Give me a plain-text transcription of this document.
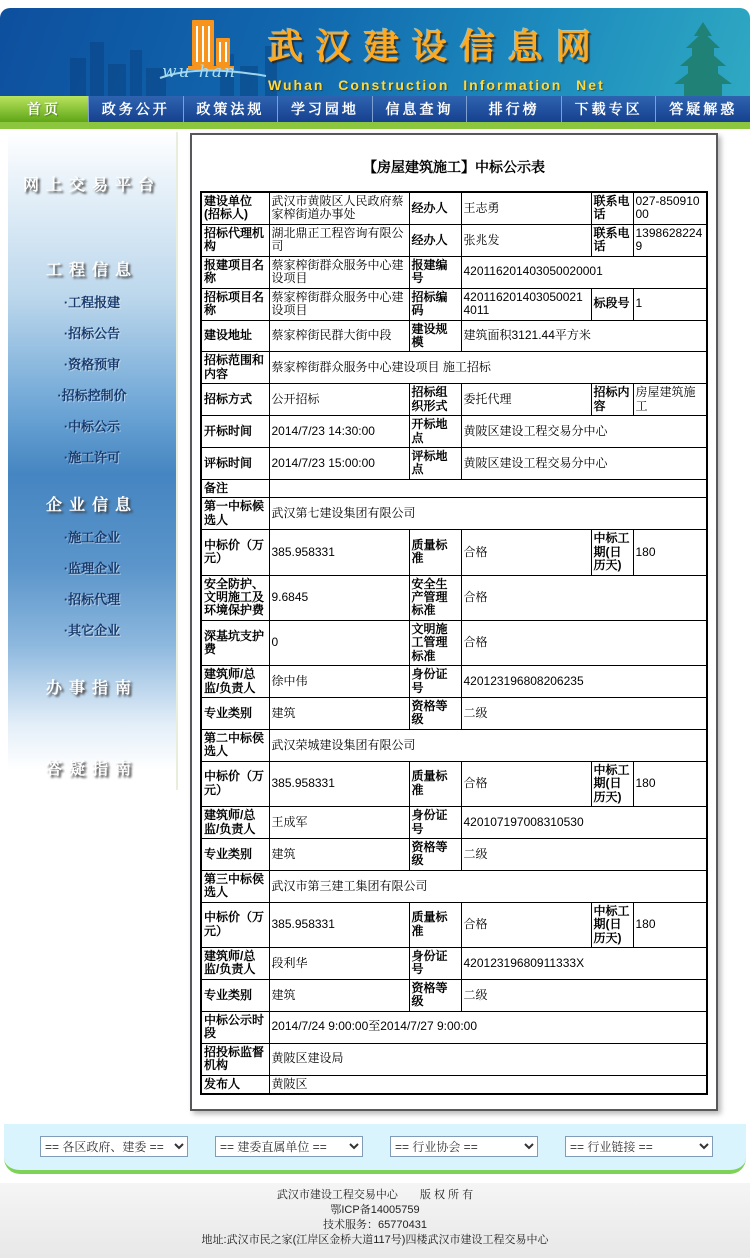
wu han
武汉建设信息网
Wuhan Construction Information Net
首页	政务公开	政策法规	学习园地	信息查询	排行榜	下载专区	答疑解惑
网上交易平台
工程信息
·工程报建
·招标公告
·资格预审
·招标控制价
·中标公示
·施工许可
企业信息
·施工企业
·监理企业
·招标代理
·其它企业
办事指南
答疑指南
【房屋建筑施工】中标公示表
建设单位(招标人)	武汉市黄陂区人民政府蔡家榨街道办事处	经办人	王志勇	联系电话	027-85091000
招标代理机构	湖北鼎正工程咨询有限公司	经办人	张兆发	联系电话	13986282249
报建项目名称	蔡家榨街群众服务中心建设项目	报建编号	420116201403050020001		
招标项目名称	蔡家榨街群众服务中心建设项目	招标编码	4201162014030500214011	标段号	1
建设地址	蔡家榨街民群大街中段	建设规模	建筑面积3121.44平方米		
招标范围和内容	蔡家榨街群众服务中心建设项目 施工招标				
招标方式	公开招标	招标组织形式	委托代理	招标内容	房屋建筑施工
开标时间	2014/7/23 14:30:00	开标地点	黄陂区建设工程交易分中心		
评标时间	2014/7/23 15:00:00	评标地点	黄陂区建设工程交易分中心		
备注					
第一中标候选人	武汉第七建设集团有限公司				
中标价（万元）	385.958331	质量标准	合格	中标工期(日历天)	180
安全防护、文明施工及环境保护费	9.6845	安全生产管理标准	合格		
深基坑支护费	0	文明施工管理标准	合格		
建筑师/总监/负责人	徐中伟	身份证号	420123196808206235		
专业类别	建筑	资格等级	二级		
第二中标侯选人	武汉荣城建设集团有限公司				
中标价（万元）	385.958331	质量标准	合格	中标工期(日历天)	180
建筑师/总监/负责人	王成军	身份证号	420107197008310530		
专业类别	建筑	资格等级	二级		
第三中标侯选人	武汉市第三建工集团有限公司				
中标价（万元）	385.958331	质量标准	合格	中标工期(日历天)	180
建筑师/总监/负责人	段利华	身份证号	42012319680911333X		
专业类别	建筑	资格等级	二级		
中标公示时段	2014/7/24 9:00:00至2014/7/27 9:00:00				
招投标监督机构	黄陂区建设局				
发布人	黄陂区				
== 各区政府、建委 ==
== 建委直属单位 ==
== 行业协会 ==
== 行业链接 ==
武汉市建设工程交易中心　　版 权 所 有
鄂ICP备14005759
技术服务：65770431
地址:武汉市民之家(江岸区金桥大道117号)四楼武汉市建设工程交易中心
